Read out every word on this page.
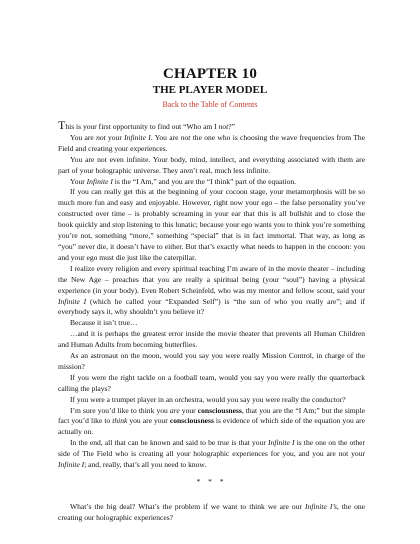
CHAPTER 10
THE PLAYER MODEL
Back to the Table of Contents

This is your first opportunity to find out “Who am I not?”

You are not your Infinite I. You are not the one who is choosing the wave frequencies from The Field and creating your experiences.

You are not even infinite. Your body, mind, intellect, and everything associated with them are part of your holographic universe. They aren’t real, much less infinite.

Your Infinite I is the “I Am,” and you are the “I think” part of the equation.

If you can really get this at the beginning of your cocoon stage, your metamorphosis will be so much more fun and easy and enjoyable. However, right now your ego – the false personality you’ve constructed over time – is probably screaming in your ear that this is all bullshit and to close the book quickly and stop listening to this lunatic; because your ego wants you to think you’re something you’re not, something “more,” something “special” that is in fact immortal. That way, as long as “you” never die, it doesn’t have to either. But that’s exactly what needs to happen in the cocoon: you and your ego must die just like the caterpillar.

I realize every religion and every spiritual teaching I’m aware of in the movie theater – including the New Age – preaches that you are really a spiritual being (your “soul”) having a physical experience (in your body). Even Robert Scheinfeld, who was my mentor and fellow scout, said your Infinite I (which he called your “Expanded Self”) is “the sun of who you really are”; and if everybody says it, why shouldn’t you believe it?

Because it isn’t true…

…and it is perhaps the greatest error inside the movie theater that prevents all Human Children and Human Adults from becoming butterflies.

As an astronaut on the moon, would you say you were really Mission Control, in charge of the mission?

If you were the right tackle on a football team, would you say you were really the quarterback calling the plays?

If you were a trumpet player in an orchestra, would you say you were really the conductor?

I’m sure you’d like to think you are your consciousness, that you are the “I Am;” but the simple fact you’d like to think you are your consciousness is evidence of which side of the equation you are actually on.

In the end, all that can be known and said to be true is that your Infinite I is the one on the other side of The Field who is creating all your holographic experiences for you, and you are not your Infinite I; and, really, that’s all you need to know.

* * *

What’s the big deal? What’s the problem if we want to think we are our Infinite I’s, the one creating our holographic experiences?
